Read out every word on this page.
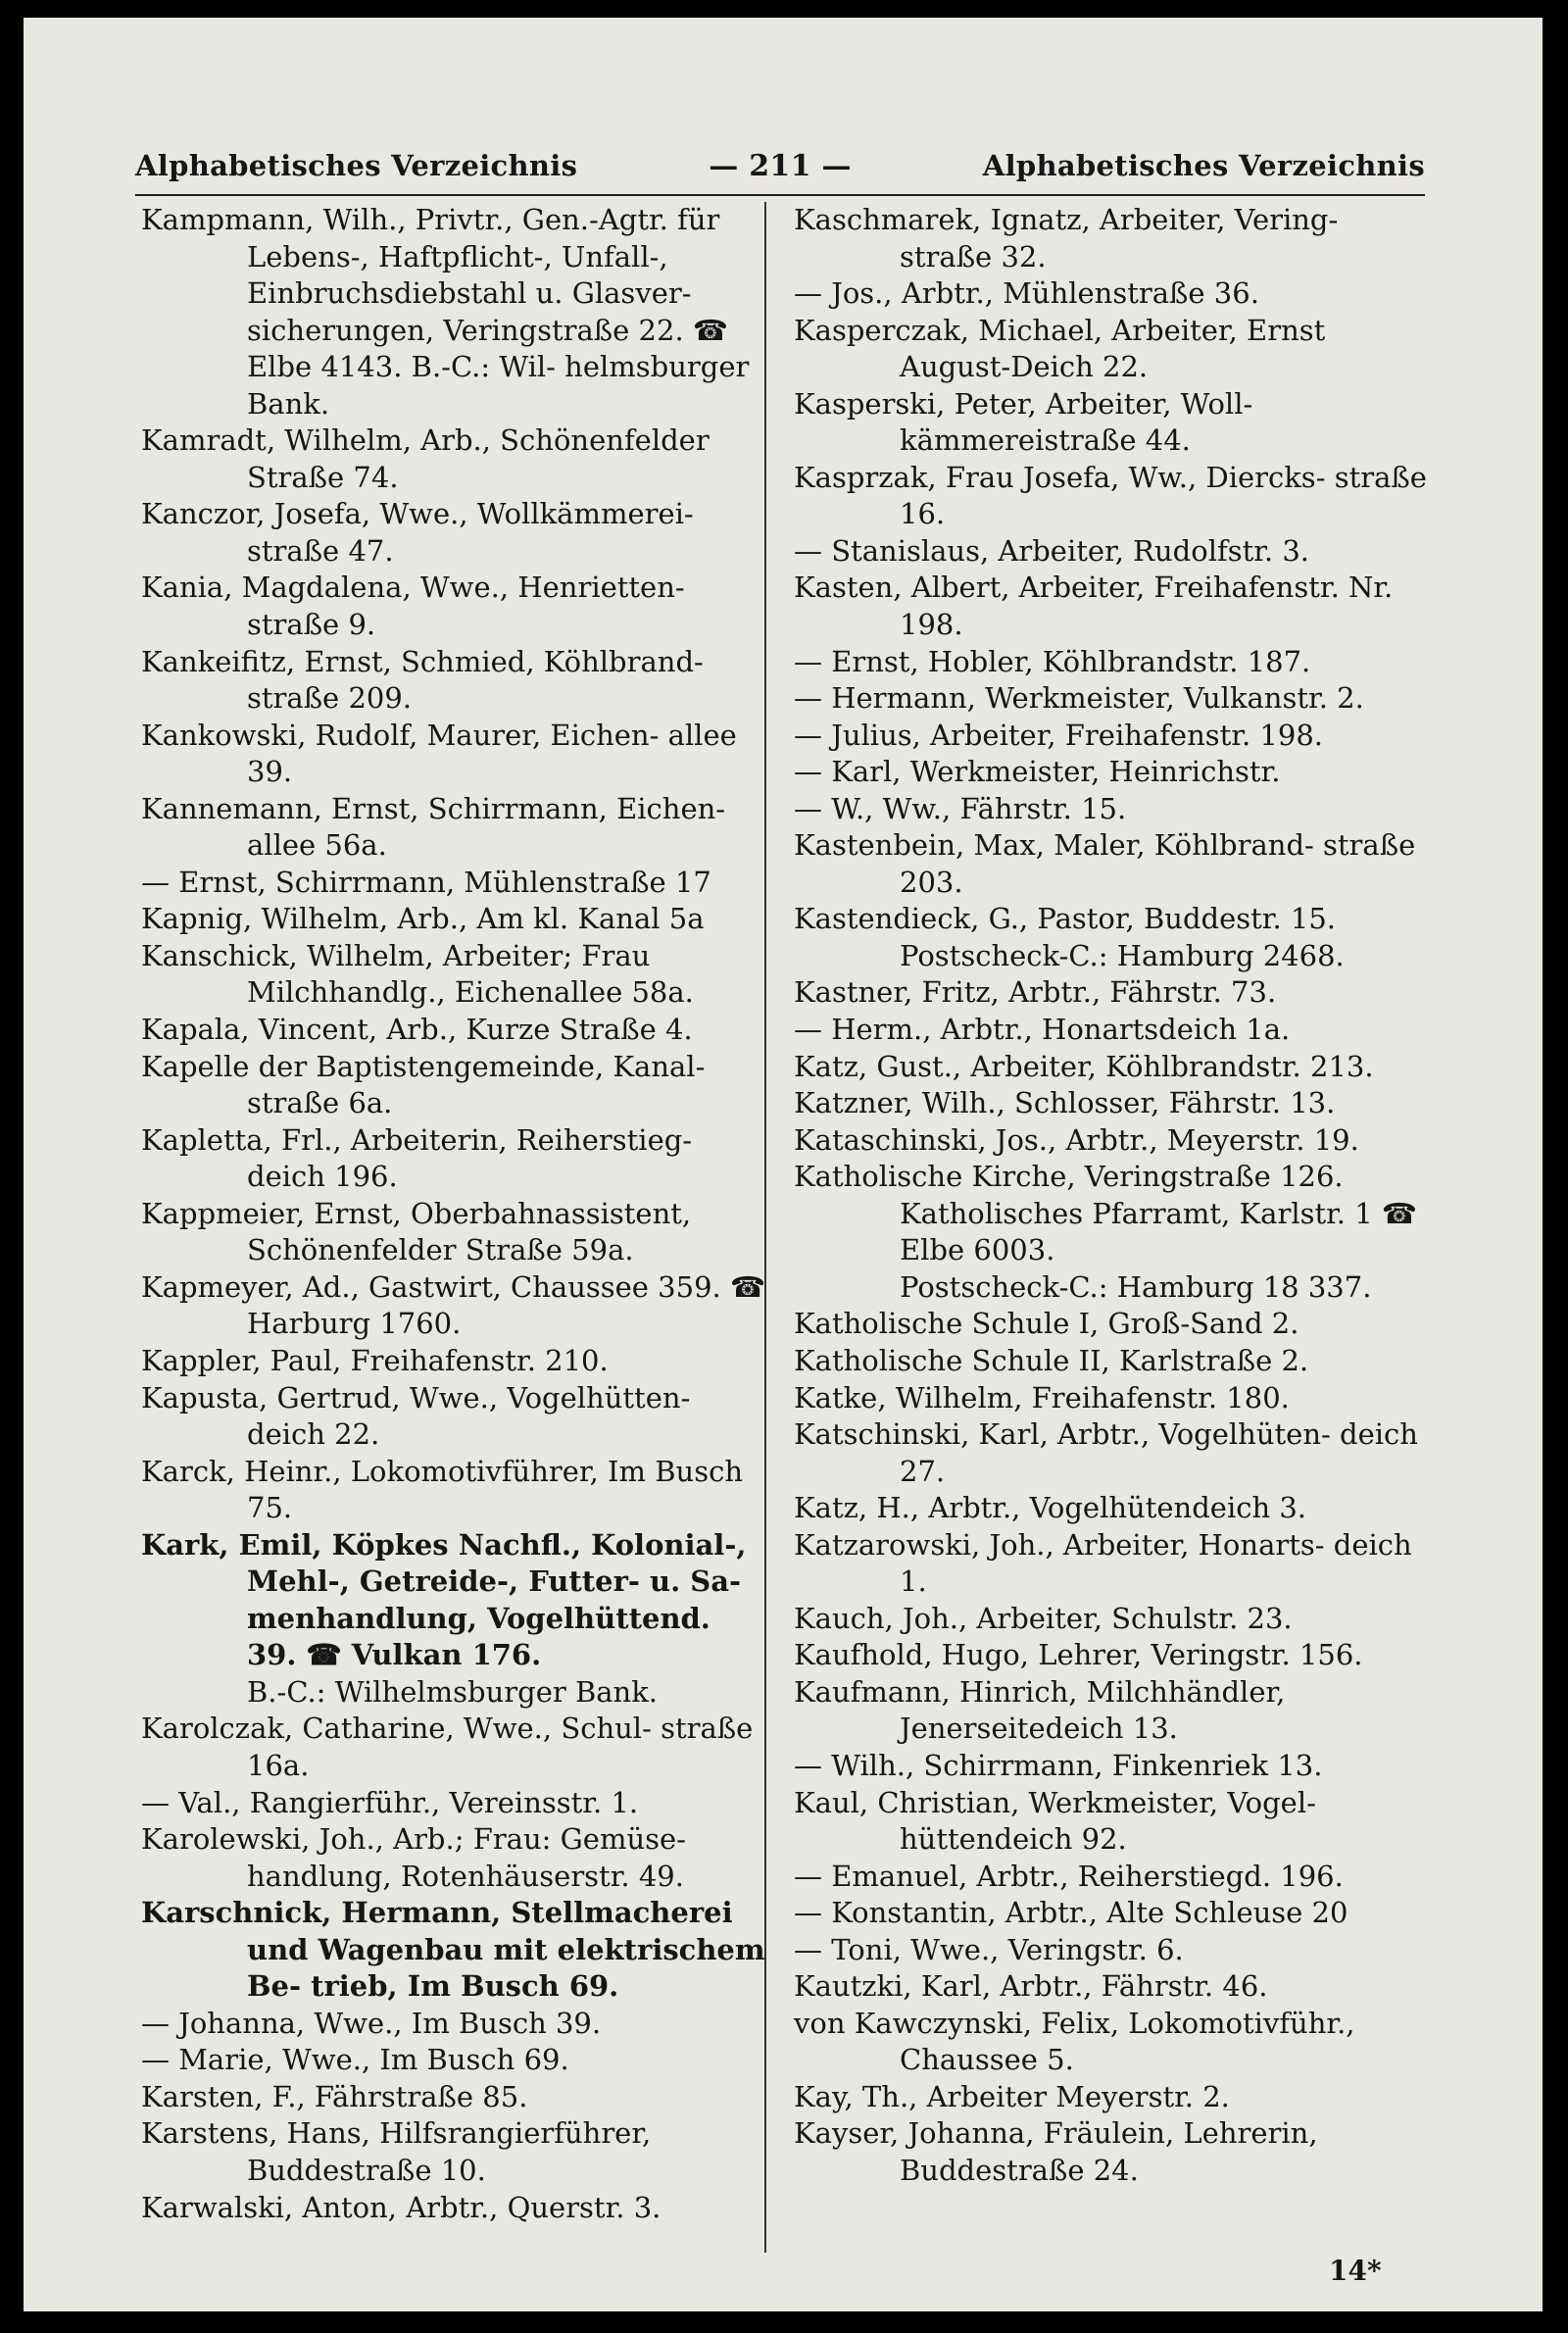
Alphabetisches Verzeichnis	— 211 —	Alphabetisches Verzeichnis
Kampmann, Wilh., Privtr., Gen.-Agtr. für Lebens-, Haftpflicht-, Unfall-, Einbruchsdiebstahl u. Glasver- sicherungen, Veringstraße 22. ☎ Elbe 4143. B.-C.: Wil- helmsburger Bank.
Kamradt, Wilhelm, Arb., Schönenfelder Straße 74.
Kanczor, Josefa, Wwe., Wollkämmerei- straße 47.
Kania, Magdalena, Wwe., Henrietten- straße 9.
Kankeifitz, Ernst, Schmied, Köhlbrand- straße 209.
Kankowski, Rudolf, Maurer, Eichen- allee 39.
Kannemann, Ernst, Schirrmann, Eichen- allee 56a.
— Ernst, Schirrmann, Mühlenstraße 17
Kapnig, Wilhelm, Arb., Am kl. Kanal 5a
Kanschick, Wilhelm, Arbeiter; Frau Milchhandlg., Eichenallee 58a.
Kapala, Vincent, Arb., Kurze Straße 4.
Kapelle der Baptistengemeinde, Kanal- straße 6a.
Kapletta, Frl., Arbeiterin, Reiherstieg- deich 196.
Kappmeier, Ernst, Oberbahnassistent, Schönenfelder Straße 59a.
Kapmeyer, Ad., Gastwirt, Chaussee 359. ☎ Harburg 1760.
Kappler, Paul, Freihafenstr. 210.
Kapusta, Gertrud, Wwe., Vogelhütten- deich 22.
Karck, Heinr., Lokomotivführer, Im Busch 75.
Kark, Emil, Köpkes Nachfl., Kolonial-, Mehl-, Getreide-, Futter- u. Sa- menhandlung, Vogelhüttend. 39. ☎ Vulkan 176.
B.-C.: Wilhelmsburger Bank.
Karolczak, Catharine, Wwe., Schul- straße 16a.
— Val., Rangierführ., Vereinsstr. 1.
Karolewski, Joh., Arb.; Frau: Gemüse- handlung, Rotenhäuserstr. 49.
Karschnick, Hermann, Stellmacherei und Wagenbau mit elektrischem Be- trieb, Im Busch 69.
— Johanna, Wwe., Im Busch 39.
— Marie, Wwe., Im Busch 69.
Karsten, F., Fährstraße 85.
Karstens, Hans, Hilfsrangierführer, Buddestraße 10.
Karwalski, Anton, Arbtr., Querstr. 3.
Kaschmarek, Ignatz, Arbeiter, Vering- straße 32.
— Jos., Arbtr., Mühlenstraße 36.
Kasperczak, Michael, Arbeiter, Ernst August-Deich 22.
Kasperski, Peter, Arbeiter, Woll- kämmereistraße 44.
Kasprzak, Frau Josefa, Ww., Diercks- straße 16.
— Stanislaus, Arbeiter, Rudolfstr. 3.
Kasten, Albert, Arbeiter, Freihafenstr. Nr. 198.
— Ernst, Hobler, Köhlbrandstr. 187.
— Hermann, Werkmeister, Vulkanstr. 2.
— Julius, Arbeiter, Freihafenstr. 198.
— Karl, Werkmeister, Heinrichstr.
— W., Ww., Fährstr. 15.
Kastenbein, Max, Maler, Köhlbrand- straße 203.
Kastendieck, G., Pastor, Buddestr. 15.
Postscheck-C.: Hamburg 2468.
Kastner, Fritz, Arbtr., Fährstr. 73.
— Herm., Arbtr., Honartsdeich 1a.
Katz, Gust., Arbeiter, Köhlbrandstr. 213.
Katzner, Wilh., Schlosser, Fährstr. 13.
Kataschinski, Jos., Arbtr., Meyerstr. 19.
Katholische Kirche, Veringstraße 126.
Katholisches Pfarramt, Karlstr. 1 ☎ Elbe 6003.
Postscheck-C.: Hamburg 18 337.
Katholische Schule I, Groß-Sand 2.
Katholische Schule II, Karlstraße 2.
Katke, Wilhelm, Freihafenstr. 180.
Katschinski, Karl, Arbtr., Vogelhüten- deich 27.
Katz, H., Arbtr., Vogelhütendeich 3.
Katzarowski, Joh., Arbeiter, Honarts- deich 1.
Kauch, Joh., Arbeiter, Schulstr. 23.
Kaufhold, Hugo, Lehrer, Veringstr. 156.
Kaufmann, Hinrich, Milchhändler, Jenerseitedeich 13.
— Wilh., Schirrmann, Finkenriek 13.
Kaul, Christian, Werkmeister, Vogel- hüttendeich 92.
— Emanuel, Arbtr., Reiherstiegd. 196.
— Konstantin, Arbtr., Alte Schleuse 20
— Toni, Wwe., Veringstr. 6.
Kautzki, Karl, Arbtr., Fährstr. 46.
von Kawczynski, Felix, Lokomotivführ., Chaussee 5.
Kay, Th., Arbeiter Meyerstr. 2.
Kayser, Johanna, Fräulein, Lehrerin, Buddestraße 24.
14*
